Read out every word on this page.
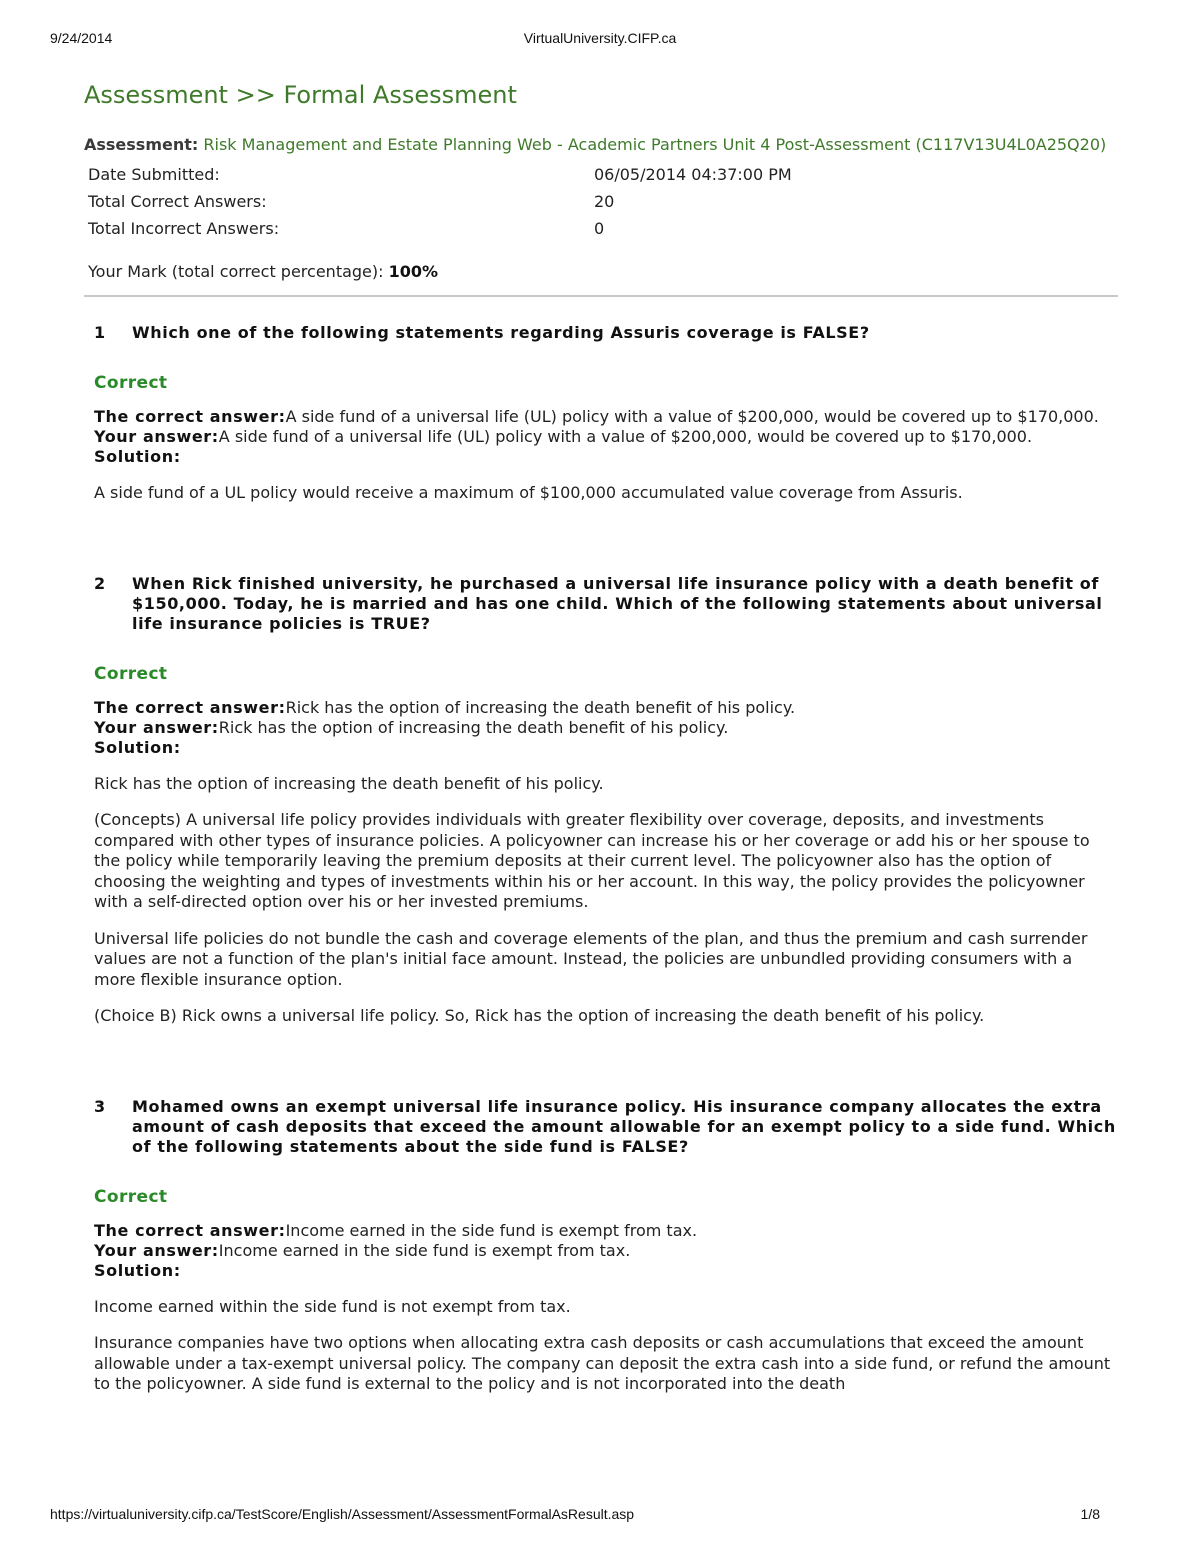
9/24/2014	VirtualUniversity.CIFP.ca
Assessment >> Formal Assessment
Assessment: Risk Management and Estate Planning Web - Academic Partners Unit 4 Post-Assessment (C117V13U4L0A25Q20)
Date Submitted:	06/05/2014 04:37:00 PM
Total Correct Answers:	20
Total Incorrect Answers:	0
Your Mark (total correct percentage): 100%
1	Which one of the following statements regarding Assuris coverage is FALSE?
Correct
The correct answer:A side fund of a universal life (UL) policy with a value of $200,000, would be covered up to $170,000.
Your answer:A side fund of a universal life (UL) policy with a value of $200,000, would be covered up to $170,000.
Solution:

A side fund of a UL policy would receive a maximum of $100,000 accumulated value coverage from Assuris.

2	When Rick finished university, he purchased a universal life insurance policy with a death benefit of $150,000. Today, he is married and has one child. Which of the following statements about universal life insurance policies is TRUE?
Correct
The correct answer:Rick has the option of increasing the death benefit of his policy.
Your answer:Rick has the option of increasing the death benefit of his policy.
Solution:

Rick has the option of increasing the death benefit of his policy.

(Concepts) A universal life policy provides individuals with greater flexibility over coverage, deposits, and investments compared with other types of insurance policies. A policyowner can increase his or her coverage or add his or her spouse to the policy while temporarily leaving the premium deposits at their current level. The policyowner also has the option of choosing the weighting and types of investments within his or her account. In this way, the policy provides the policyowner with a self-directed option over his or her invested premiums.

Universal life policies do not bundle the cash and coverage elements of the plan, and thus the premium and cash surrender values are not a function of the plan's initial face amount. Instead, the policies are unbundled providing consumers with a more flexible insurance option.

(Choice B) Rick owns a universal life policy. So, Rick has the option of increasing the death benefit of his policy.

3	Mohamed owns an exempt universal life insurance policy. His insurance company allocates the extra amount of cash deposits that exceed the amount allowable for an exempt policy to a side fund. Which of the following statements about the side fund is FALSE?
Correct
The correct answer:Income earned in the side fund is exempt from tax.
Your answer:Income earned in the side fund is exempt from tax.
Solution:

Income earned within the side fund is not exempt from tax.

Insurance companies have two options when allocating extra cash deposits or cash accumulations that exceed the amount allowable under a tax-exempt universal policy. The company can deposit the extra cash into a side fund, or refund the amount to the policyowner. A side fund is external to the policy and is not incorporated into the death

https://virtualuniversity.cifp.ca/TestScore/English/Assessment/AssessmentFormalAsResult.asp	1/8
